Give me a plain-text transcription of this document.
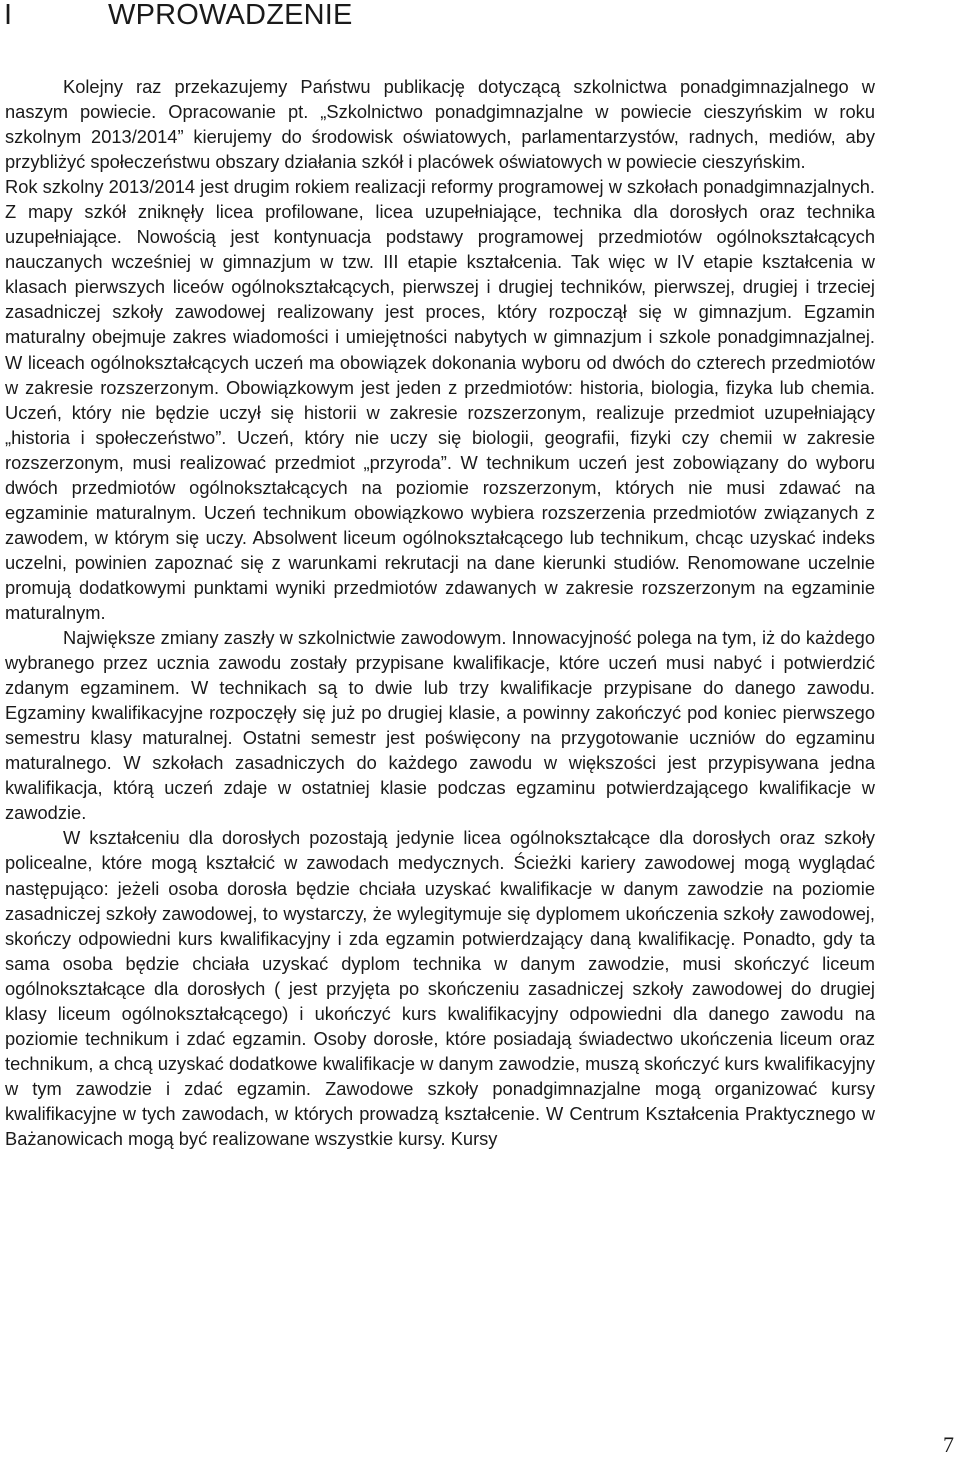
I	WPROWADZENIE

Kolejny raz przekazujemy Państwu publikację dotyczącą szkolnictwa ponadgimnazjalnego w naszym powiecie. Opracowanie pt. „Szkolnictwo ponadgimnazjalne w powiecie cieszyńskim w roku szkolnym 2013/2014” kierujemy do środowisk oświatowych, parlamentarzystów, radnych, mediów, aby przybliżyć społeczeństwu obszary działania szkół i placówek oświatowych w powiecie cieszyńskim.

Rok szkolny 2013/2014 jest drugim rokiem realizacji reformy programowej w szkołach ponadgimnazjalnych. Z mapy szkół zniknęły licea profilowane, licea uzupełniające, technika dla dorosłych oraz technika uzupełniające. Nowością jest kontynuacja podstawy programowej przedmiotów ogólnokształcących nauczanych wcześniej w gimnazjum w tzw. III etapie kształcenia. Tak więc w IV etapie kształcenia w klasach pierwszych liceów ogólnokształcących, pierwszej i drugiej techników, pierwszej, drugiej i trzeciej zasadniczej szkoły zawodowej realizowany jest proces, który rozpoczął się w gimnazjum. Egzamin maturalny obejmuje zakres wiadomości i umiejętności nabytych w gimnazjum i szkole ponadgimnazjalnej. W liceach ogólnokształcących uczeń ma obowiązek dokonania wyboru od dwóch do czterech przedmiotów w zakresie rozszerzonym. Obowiązkowym jest jeden z przedmiotów: historia, biologia, fizyka lub chemia. Uczeń, który nie będzie uczył się historii w zakresie rozszerzonym, realizuje przedmiot uzupełniający „historia i społeczeństwo”. Uczeń, który nie uczy się biologii, geografii, fizyki czy chemii w zakresie rozszerzonym, musi realizować przedmiot „przyroda”. W technikum uczeń jest zobowiązany do wyboru dwóch przedmiotów ogólnokształcących na poziomie rozszerzonym, których nie musi zdawać na egzaminie maturalnym. Uczeń technikum obowiązkowo wybiera rozszerzenia przedmiotów związanych z zawodem, w którym się uczy. Absolwent liceum ogólnokształcącego lub technikum, chcąc uzyskać indeks uczelni, powinien zapoznać się z warunkami rekrutacji na dane kierunki studiów. Renomowane uczelnie promują dodatkowymi punktami wyniki przedmiotów zdawanych w zakresie rozszerzonym na egzaminie maturalnym.

Największe zmiany zaszły w szkolnictwie zawodowym. Innowacyjność polega na tym, iż do każdego wybranego przez ucznia zawodu zostały przypisane kwalifikacje, które uczeń musi nabyć i potwierdzić zdanym egzaminem. W technikach są to dwie lub trzy kwalifikacje przypisane do danego zawodu. Egzaminy kwalifikacyjne rozpoczęły się już po drugiej klasie, a powinny zakończyć pod koniec pierwszego semestru klasy maturalnej. Ostatni semestr jest poświęcony na przygotowanie uczniów do egzaminu maturalnego. W szkołach zasadniczych do każdego zawodu w większości jest przypisywana jedna kwalifikacja, którą uczeń zdaje w ostatniej klasie podczas egzaminu potwierdzającego kwalifikacje w zawodzie.

W kształceniu dla dorosłych pozostają jedynie licea ogólnokształcące dla dorosłych oraz szkoły policealne, które mogą kształcić w zawodach medycznych. Ścieżki kariery zawodowej mogą wyglądać następująco: jeżeli osoba dorosła będzie chciała uzyskać kwalifikacje w danym zawodzie na poziomie zasadniczej szkoły zawodowej, to wystarczy, że wylegitymuje się dyplomem ukończenia szkoły zawodowej, skończy odpowiedni kurs kwalifikacyjny i zda egzamin potwierdzający daną kwalifikację. Ponadto, gdy ta sama osoba będzie chciała uzyskać dyplom technika w danym zawodzie, musi skończyć liceum ogólnokształcące dla dorosłych ( jest przyjęta po skończeniu zasadniczej szkoły zawodowej do drugiej klasy liceum ogólnokształcącego) i ukończyć kurs kwalifikacyjny odpowiedni dla danego zawodu na poziomie technikum i zdać egzamin. Osoby dorosłe, które posiadają świadectwo ukończenia liceum oraz technikum, a chcą uzyskać dodatkowe kwalifikacje w danym zawodzie, muszą skończyć kurs kwalifikacyjny w tym zawodzie i zdać egzamin. Zawodowe szkoły ponadgimnazjalne mogą organizować kursy kwalifikacyjne w tych zawodach, w których prowadzą kształcenie. W Centrum Kształcenia Praktycznego w Bażanowicach mogą być realizowane wszystkie kursy. Kursy

7
